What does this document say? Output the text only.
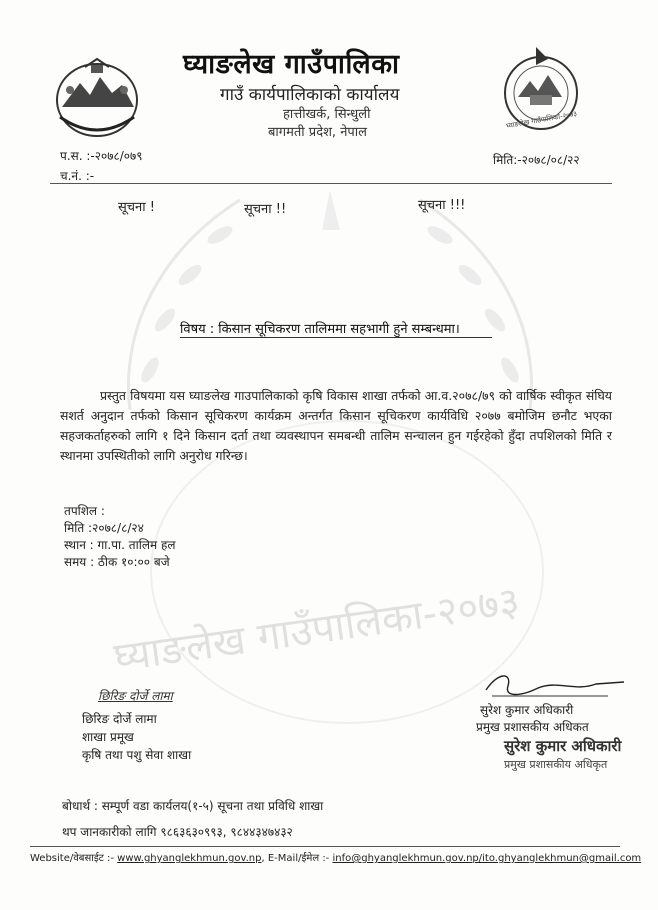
घ्याङलेख गाउँपालिका-२०७३
घ्याङलेख गाउँपालिका-२०७३
घ्याङलेख गाउँपालिका
गाउँ कार्यपालिकाको कार्यालय
हात्तीखर्क, सिन्धुली
बागमती प्रदेश, नेपाल
प.स. :-२०७८/०७९
च.नं. :-
मिति:-२०७८/०८/२२
सूचना !	सूचना !!	सूचना !!!
विषय : किसान सूचिकरण तालिममा सहभागी हुने सम्बन्धमा।
प्रस्तुत विषयमा यस घ्याङलेख गाउपालिकाको कृषि विकास शाखा तर्फको आ.व.२०७८/७९ को वार्षिक स्वीकृत संघिय सशर्त अनुदान तर्फको किसान सूचिकरण कार्यक्रम अन्तर्गत किसान सूचिकरण कार्यविधि २०७७ बमोजिम छनौट भएका सहजकर्ताहरुको लागि १ दिने किसान दर्ता तथा व्यवस्थापन समबन्धी तालिम सन्चालन हुन गईरहेको हुँदा तपशिलको मिति र स्थानमा उपस्थितीको लागि अनुरोध गरिन्छ।
तपशिल :
मिति :२०७८/८/२४
स्थान : गा.पा. तालिम हल
समय : ठीक १०:०० बजे
छिरिङ दोर्जे लामा
छिरिङ दोर्जे लामा
शाखा प्रमूख
कृषि तथा पशु सेवा शाखा
सुरेश कुमार अधिकारी
प्रमुख प्रशासकीय अधिकत
सुरेश कुमार अधिकारी
प्रमुख प्रशासकीय अधिकृत
बोधार्थ : सम्पूर्ण वडा कार्यलय(१-५) सूचना तथा प्रविधि शाखा
थप जानकारीको लागि ९८६३६३०९९३, ९८४४३४७४३२
Website/वेबसाईट :- www.ghyanglekhmun.gov.np, E-Mail/ईमेल :- info@ghyanglekhmun.gov.np/ito.ghyanglekhmun@gmail.com
